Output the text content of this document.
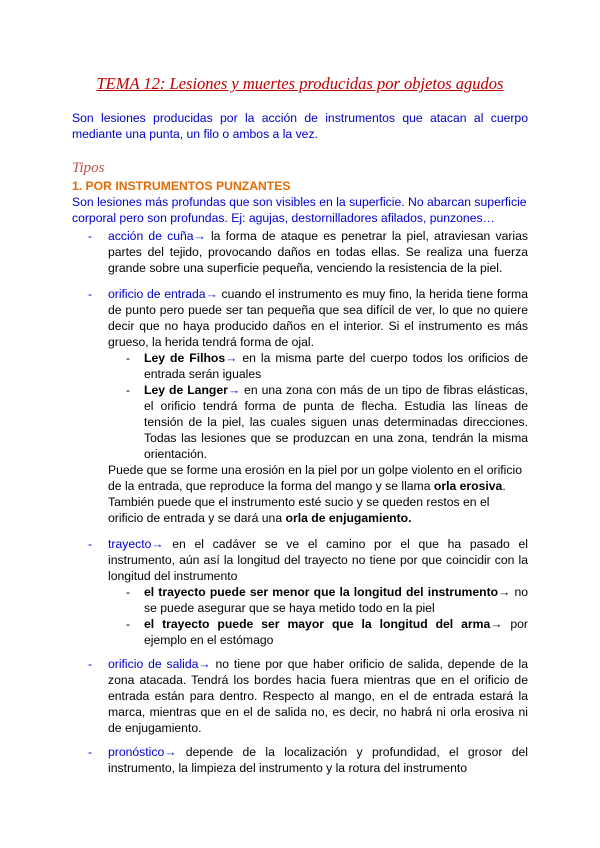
TEMA 12: Lesiones y muertes producidas por objetos agudos

Son lesiones producidas por la acción de instrumentos que atacan al cuerpo mediante una punta, un filo o ambos a la vez.

Tipos
1. POR INSTRUMENTOS PUNZANTES

Son lesiones más profundas que son visibles en la superficie. No abarcan superficie corporal pero son profundas. Ej: agujas, destornilladores afilados, punzones…

-	acción de cuña→ la forma de ataque es penetrar la piel, atraviesan varias partes del tejido, provocando daños en todas ellas. Se realiza una fuerza grande sobre una superficie pequeña, venciendo la resistencia de la piel.

-	orificio de entrada→ cuando el instrumento es muy fino, la herida tiene forma de punto pero puede ser tan pequeña que sea difícil de ver, lo que no quiere decir que no haya producido daños en el interior. Si el instrumento es más grueso, la herida tendrá forma de ojal.

- Ley de Filhos→ en la misma parte del cuerpo todos los orificios de entrada serán iguales

- Ley de Langer→ en una zona con más de un tipo de fibras elásticas, el orificio tendrá forma de punta de flecha. Estudia las líneas de tensión de la piel, las cuales siguen unas determinadas direcciones. Todas las lesiones que se produzcan en una zona, tendrán la misma orientación.

Puede que se forme una erosión en la piel por un golpe violento en el orificio de la entrada, que reproduce la forma del mango y se llama orla erosiva. También puede que el instrumento esté sucio y se queden restos en el orificio de entrada y se dará una orla de enjugamiento.

-	trayecto→ en el cadáver se ve el camino por el que ha pasado el instrumento, aún así la longitud del trayecto no tiene por que coincidir con la longitud del instrumento

- el trayecto puede ser menor que la longitud del instrumento→ no se puede asegurar que se haya metido todo en la piel

- el trayecto puede ser mayor que la longitud del arma→ por ejemplo en el estómago

-	orificio de salida→ no tiene por que haber orificio de salida, depende de la zona atacada. Tendrá los bordes hacia fuera mientras que en el orificio de entrada están para dentro. Respecto al mango, en el de entrada estará la marca, mientras que en el de salida no, es decir, no habrá ni orla erosiva ni de enjugamiento.

-	pronóstico→ depende de la localización y profundidad, el grosor del instrumento, la limpieza del instrumento y la rotura del instrumento
